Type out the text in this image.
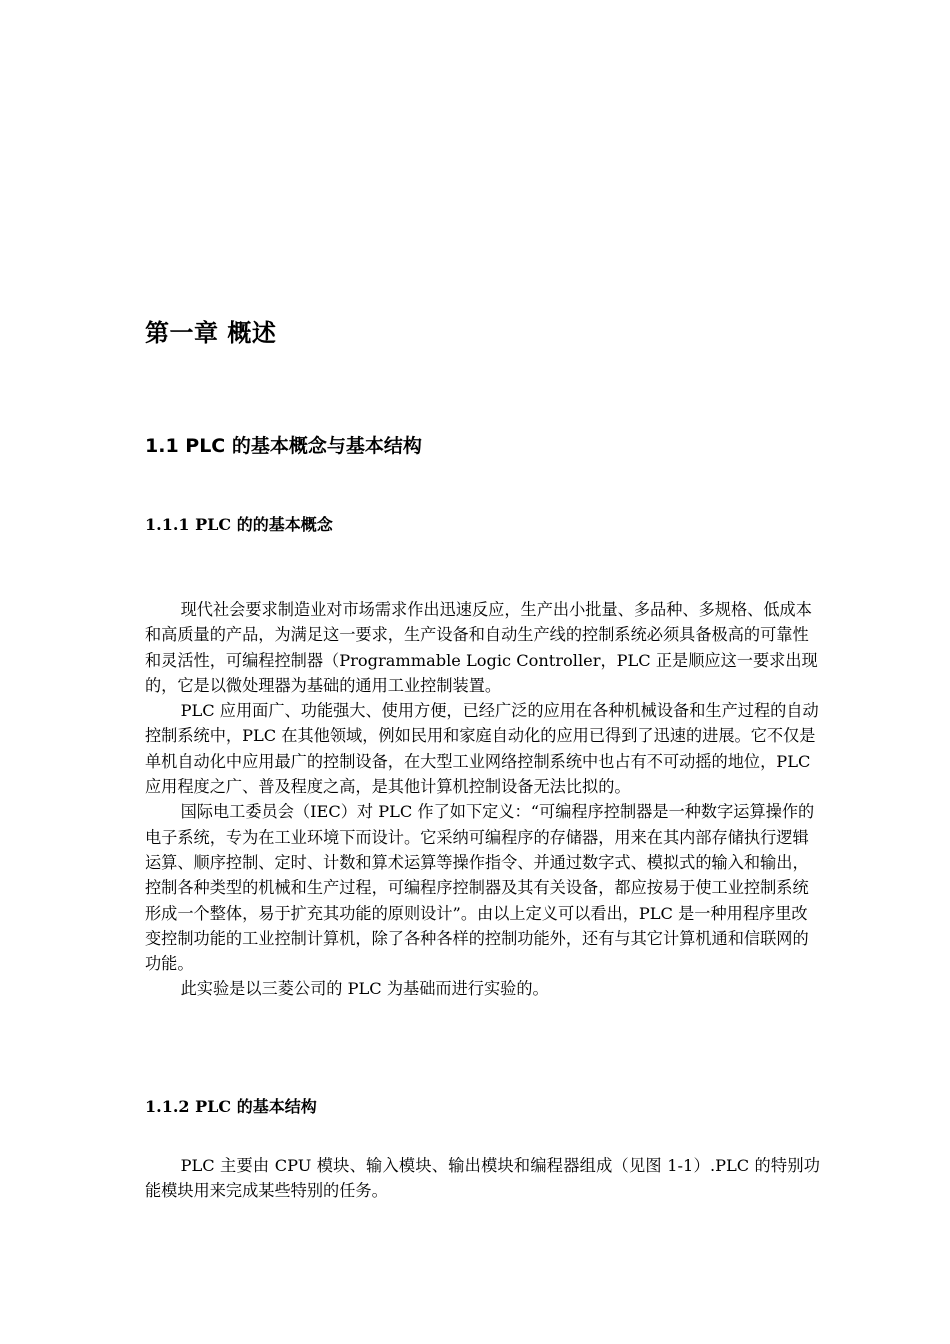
第一章 概述
1.1 PLC 的基本概念与基本结构
1.1.1 PLC 的的基本概念

现代社会要求制造业对市场需求作出迅速反应，生产出小批量、多品种、多规格、低成本和高质量的产品，为满足这一要求，生产设备和自动生产线的控制系统必须具备极高的可靠性和灵活性，可编程控制器（Programmable Logic Controller，PLC 正是顺应这一要求出现的，它是以微处理器为基础的通用工业控制装置。

PLC 应用面广、功能强大、使用方便，已经广泛的应用在各种机械设备和生产过程的自动控制系统中，PLC 在其他领域，例如民用和家庭自动化的应用已得到了迅速的进展。它不仅是单机自动化中应用最广的控制设备，在大型工业网络控制系统中也占有不可动摇的地位，PLC 应用程度之广、普及程度之高，是其他计算机控制设备无法比拟的。

国际电工委员会（IEC）对 PLC 作了如下定义：“可编程序控制器是一种数字运算操作的电子系统，专为在工业环境下而设计。它采纳可编程序的存储器，用来在其内部存储执行逻辑运算、顺序控制、定时、计数和算术运算等操作指令、并通过数字式、模拟式的输入和输出，控制各种类型的机械和生产过程，可编程序控制器及其有关设备，都应按易于使工业控制系统形成一个整体，易于扩充其功能的原则设计”。由以上定义可以看出，PLC 是一种用程序里改变控制功能的工业控制计算机，除了各种各样的控制功能外，还有与其它计算机通和信联网的功能。

此实验是以三菱公司的 PLC 为基础而进行实验的。

1.1.2 PLC 的基本结构

PLC 主要由 CPU 模块、输入模块、输出模块和编程器组成（见图 1-1）.PLC 的特别功能模块用来完成某些特别的任务。
